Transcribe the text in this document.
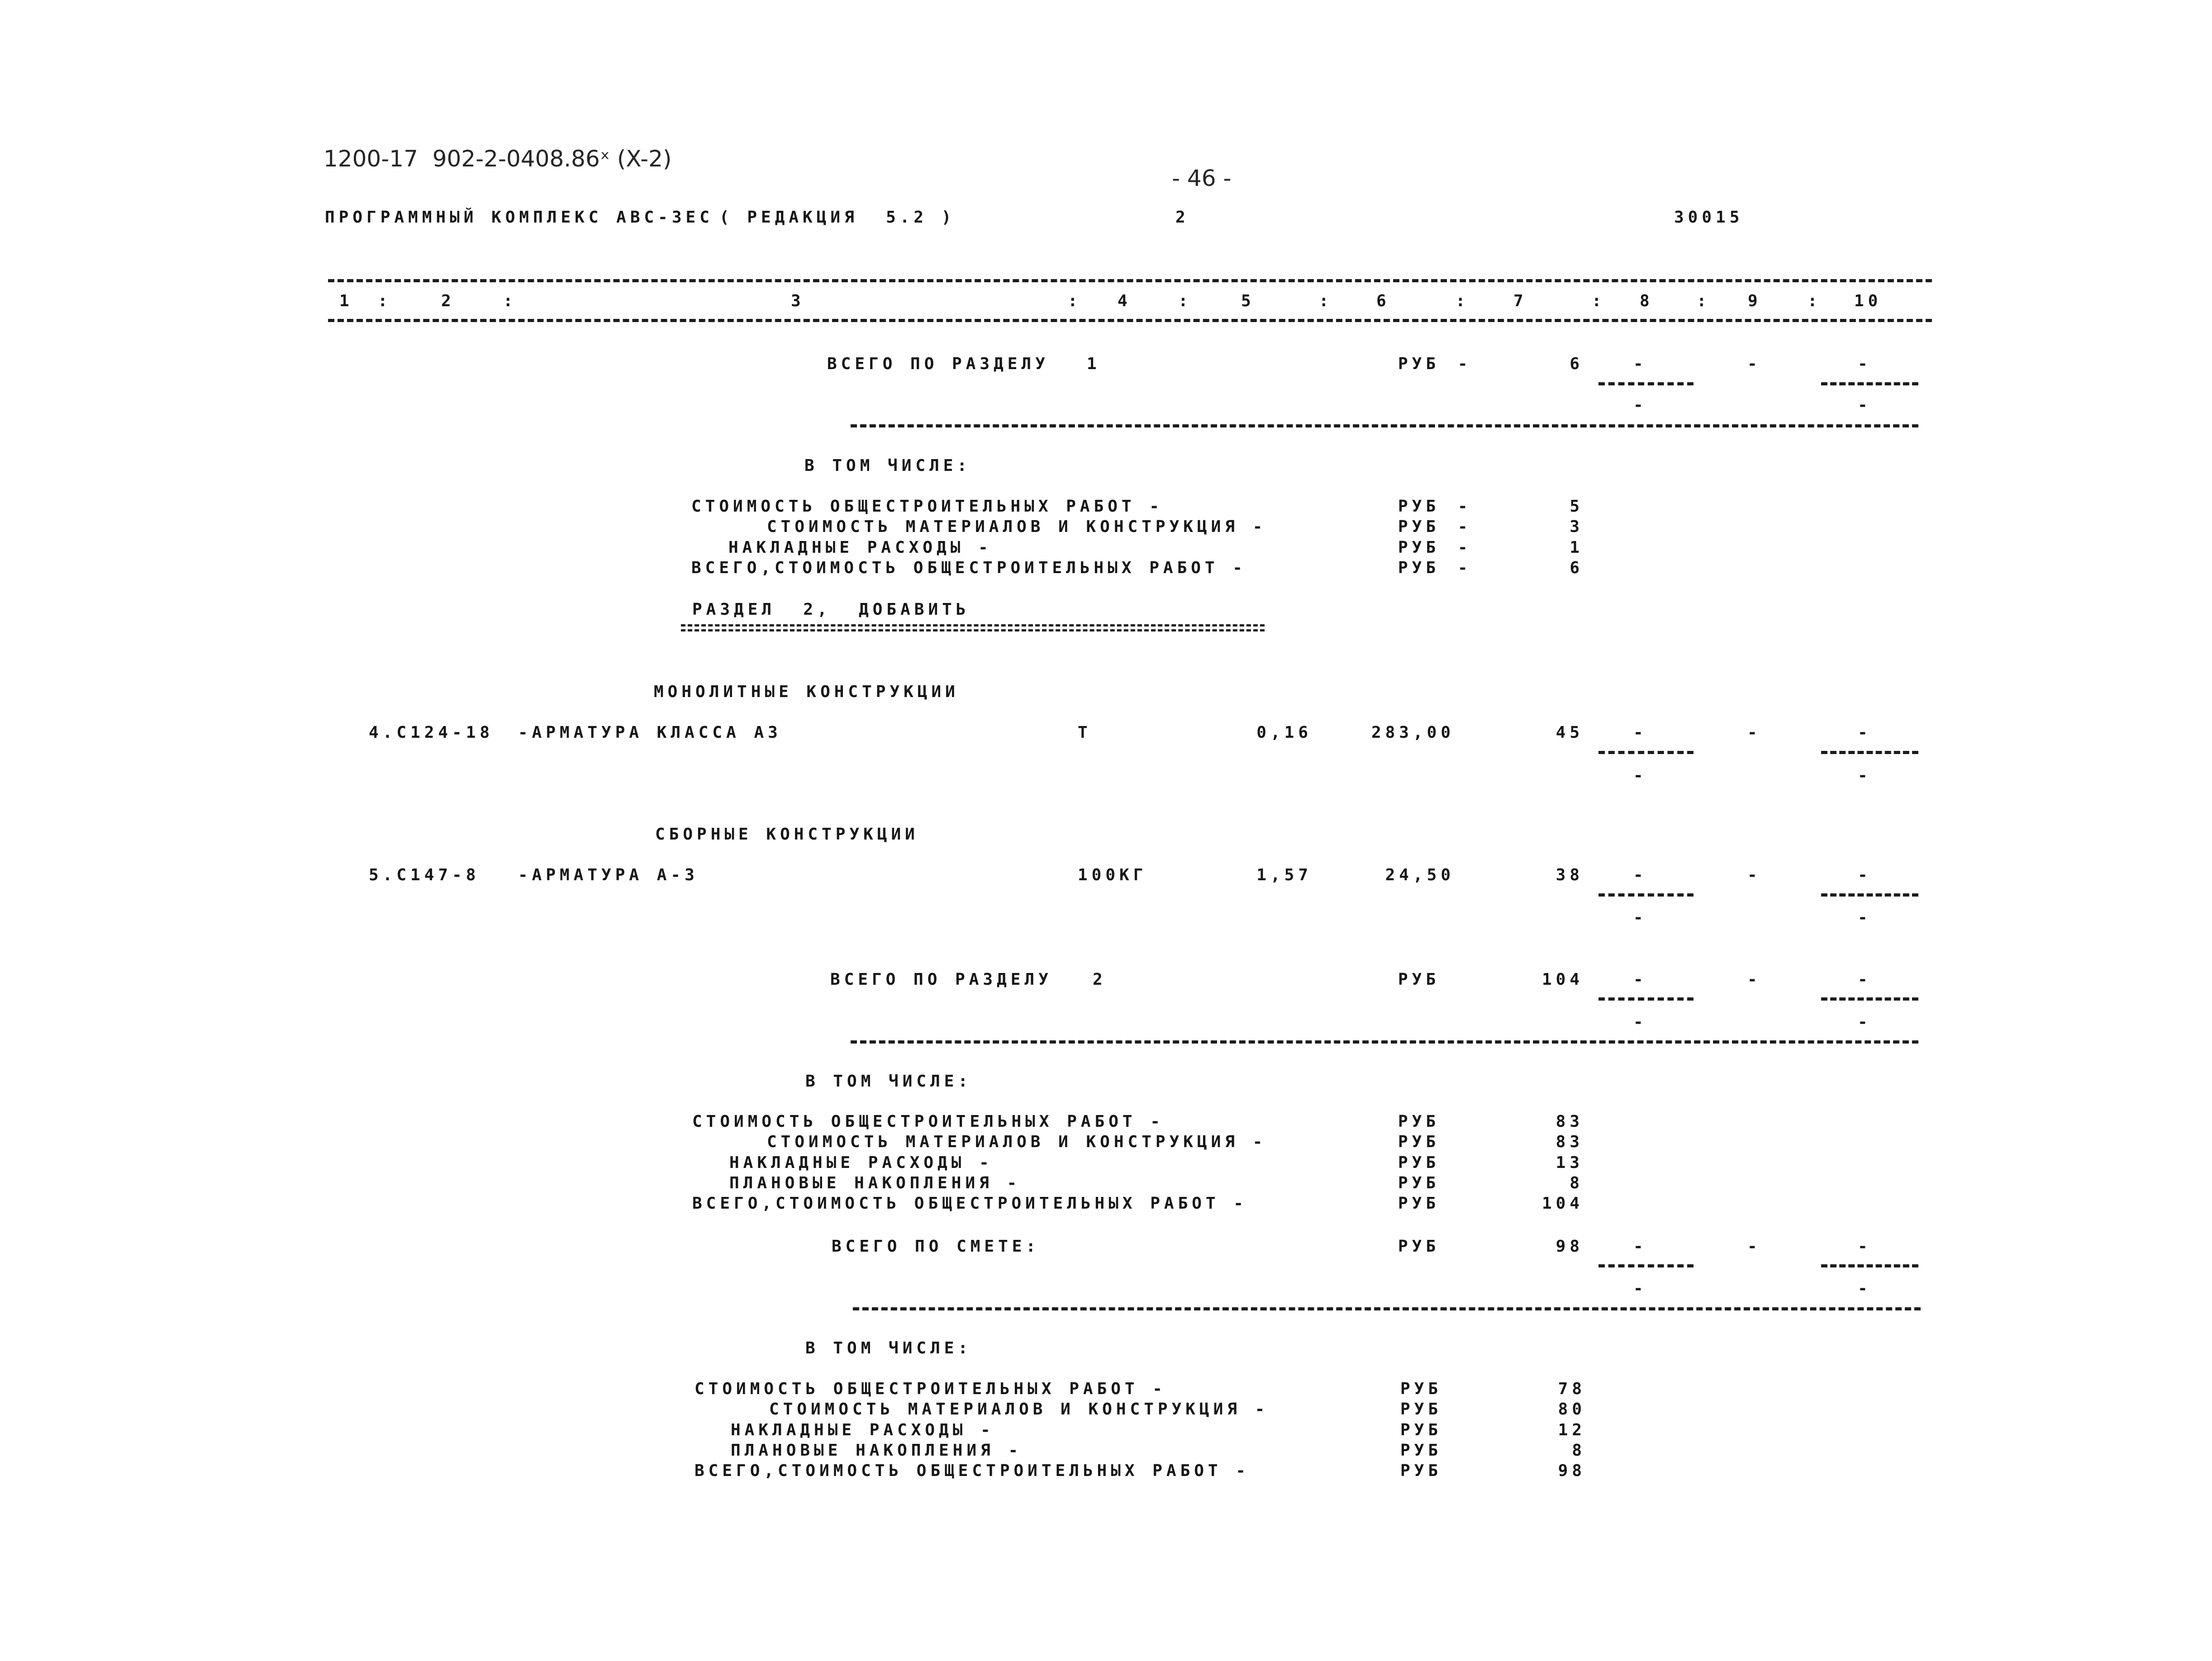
1200-17  902-2-0408.86ˣ (X-2)
- 46 -
ПРОГРАММНЫЙ КОМПЛЕКС АВС-ЗЕС ( РЕДАКЦИЯ  5.2 )	2	30015
1 :	2	:	3	: 4	:	5	:	6	:	7	: 8	: 9	: 10
ВСЕГО ПО РАЗДЕЛУ 1	РУБ -	6	-	-	-
-	-
В ТОМ ЧИСЛЕ:
СТОИМОСТЬ ОБЩЕСТРОИТЕЛЬНЫХ РАБОТ -	РУБ -	5
СТОИМОСТЬ МАТЕРИАЛОВ И КОНСТРУКЦИЯ -	РУБ -	3
НАКЛАДНЫЕ РАСХОДЫ -	РУБ -	1
ВСЕГО,СТОИМОСТЬ ОБЩЕСТРОИТЕЛЬНЫХ РАБОТ -	РУБ -	6
РАЗДЕЛ  2,  ДОБАВИТЬ
МОНОЛИТНЫЕ КОНСТРУКЦИИ
4.С124-18 -АРМАТУРА КЛАССА АЗ	Т	0,16	283,00	45	-	-	-
-	-
СБОРНЫЕ КОНСТРУКЦИИ
5.С147-8 -АРМАТУРА А-3	100КГ	1,57	24,50	38	-	-	-
-	-
ВСЕГО ПО РАЗДЕЛУ 2	РУБ	104	-	-	-
-	-
В ТОМ ЧИСЛЕ:
СТОИМОСТЬ ОБЩЕСТРОИТЕЛЬНЫХ РАБОТ -	РУБ	83
СТОИМОСТЬ МАТЕРИАЛОВ И КОНСТРУКЦИЯ -	РУБ	83
НАКЛАДНЫЕ РАСХОДЫ -	РУБ	13
ПЛАНОВЫЕ НАКОПЛЕНИЯ -	РУБ	8
ВСЕГО,СТОИМОСТЬ ОБЩЕСТРОИТЕЛЬНЫХ РАБОТ -	РУБ	104
ВСЕГО ПО СМЕТЕ:	РУБ	98	-	-	-
-	-
В ТОМ ЧИСЛЕ:
СТОИМОСТЬ ОБЩЕСТРОИТЕЛЬНЫХ РАБОТ -	РУБ	78
СТОИМОСТЬ МАТЕРИАЛОВ И КОНСТРУКЦИЯ -	РУБ	80
НАКЛАДНЫЕ РАСХОДЫ -	РУБ	12
ПЛАНОВЫЕ НАКОПЛЕНИЯ -	РУБ	8
ВСЕГО,СТОИМОСТЬ ОБЩЕСТРОИТЕЛЬНЫХ РАБОТ -	РУБ	98
